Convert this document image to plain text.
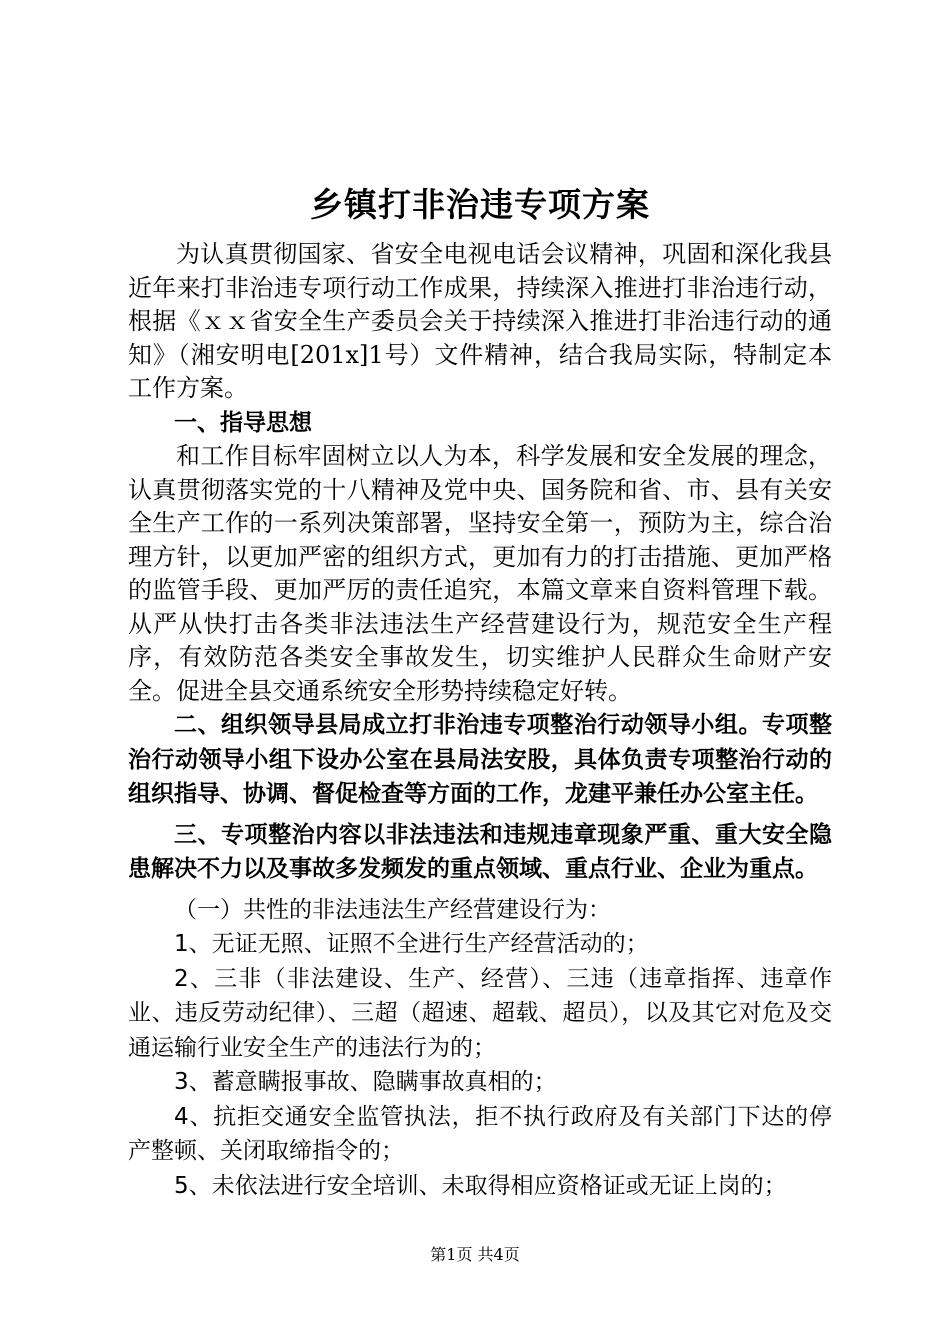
乡镇打非治违专项方案

为认真贯彻国家、省安全电视电话会议精神，巩固和深化我县近年来打非治违专项行动工作成果，持续深入推进打非治违行动，根据《ｘｘ省安全生产委员会关于持续深入推进打非治违行动的通知》（湘安明电[201x]1号）文件精神，结合我局实际，特制定本工作方案。

一、指导思想

和工作目标牢固树立以人为本，科学发展和安全发展的理念，认真贯彻落实党的十八精神及党中央、国务院和省、市、县有关安全生产工作的一系列决策部署，坚持安全第一，预防为主，综合治理方针，以更加严密的组织方式，更加有力的打击措施、更加严格的监管手段、更加严厉的责任追究，本篇文章来自资料管理下载。从严从快打击各类非法违法生产经营建设行为，规范安全生产程序，有效防范各类安全事故发生，切实维护人民群众生命财产安全。促进全县交通系统安全形势持续稳定好转。

二、组织领导县局成立打非治违专项整治行动领导小组。专项整治行动领导小组下设办公室在县局法安股，具体负责专项整治行动的组织指导、协调、督促检查等方面的工作，龙建平兼任办公室主任。

三、专项整治内容以非法违法和违规违章现象严重、重大安全隐患解决不力以及事故多发频发的重点领域、重点行业、企业为重点。

（一）共性的非法违法生产经营建设行为：

1、无证无照、证照不全进行生产经营活动的；

2、三非（非法建设、生产、经营）、三违（违章指挥、违章作业、违反劳动纪律）、三超（超速、超载、超员），以及其它对危及交通运输行业安全生产的违法行为的；

3、蓄意瞒报事故、隐瞒事故真相的；

4、抗拒交通安全监管执法，拒不执行政府及有关部门下达的停产整顿、关闭取缔指令的；

5、未依法进行安全培训、未取得相应资格证或无证上岗的；

第1页 共4页
